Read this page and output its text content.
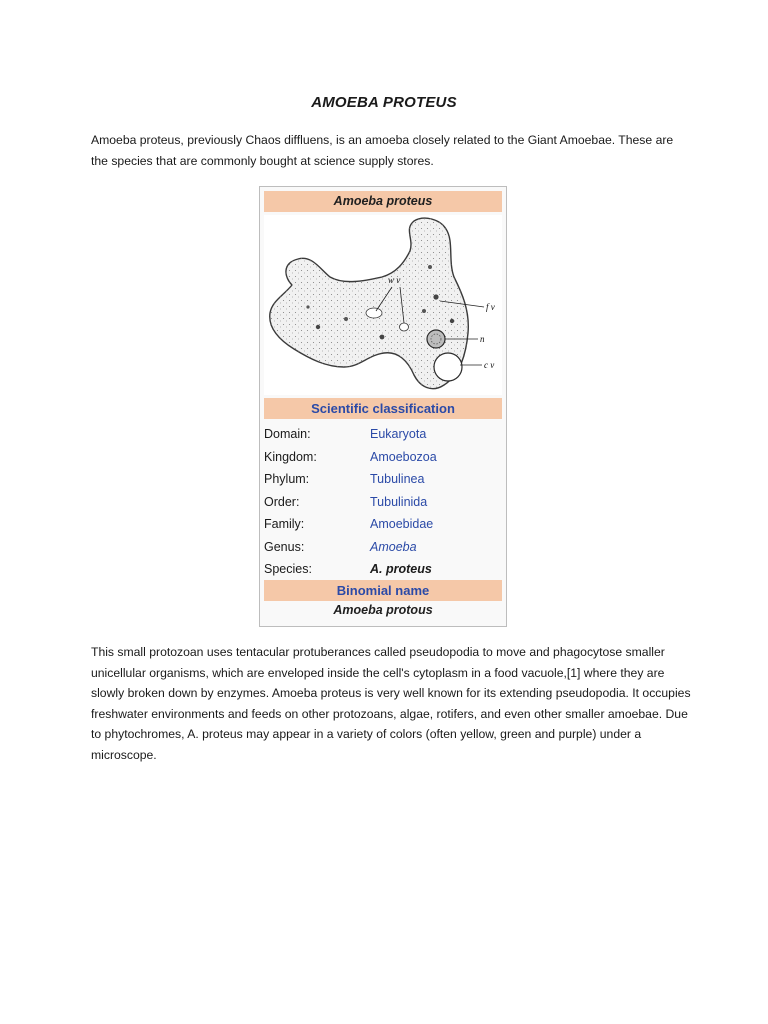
AMOEBA PROTEUS

Amoeba proteus, previously Chaos diffluens, is an amoeba closely related to the Giant Amoebae. These are the species that are commonly bought at science supply stores.

Amoeba proteus
w v
f v
n
c v
Scientific classification
Domain:	Eukaryota
Kingdom:	Amoebozoa
Phylum:	Tubulinea
Order:	Tubulinida
Family:	Amoebidae
Genus:	Amoeba
Species:	A. proteus
Binomial name
Amoeba protous

This small protozoan uses tentacular protuberances called pseudopodia to move and phagocytose smaller unicellular organisms, which are enveloped inside the cell's cytoplasm in a food vacuole,[1] where they are slowly broken down by enzymes. Amoeba proteus is very well known for its extending pseudopodia. It occupies freshwater environments and feeds on other protozoans, algae, rotifers, and even other smaller amoebae. Due to phytochromes, A. proteus may appear in a variety of colors (often yellow, green and purple) under a microscope.
